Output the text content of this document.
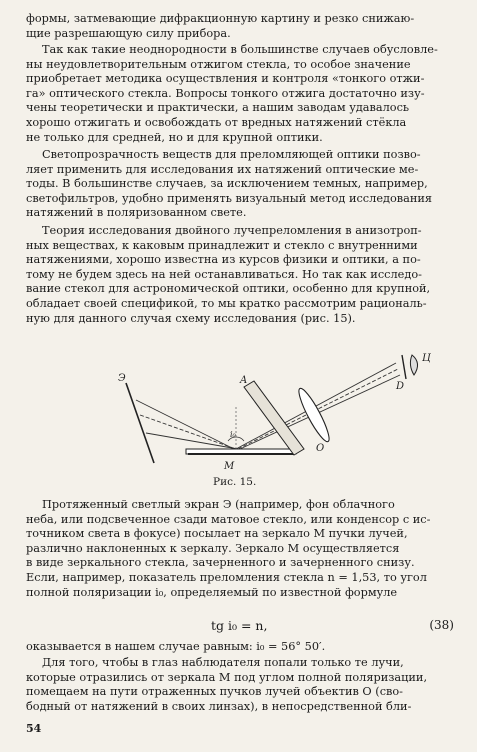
формы, затмевающие дифракционную картину и резко снижаю-
щие разрешающую силу прибора.

Так как такие неоднородности в большинстве случаев обусловле-
ны неудовлетворительным отжигом стекла, то особое значение
приобретает методика осуществления и контроля «тонкого отжи-
га» оптического стекла. Вопросы тонкого отжига достаточно изу-
чены теоретически и практически, а нашим заводам удавалось
хорошо отжигать и освобождать от вредных натяжений стёкла
не только для средней, но и для крупной оптики.

Светопрозрачность веществ для преломляющей оптики позво-
ляет применить для исследования их натяжений оптические ме-
тоды. В большинстве случаев, за исключением темных, например,
светофильтров, удобно применять визуальный метод исследования
натяжений в поляризованном свете.

Теория исследования двойного лучепреломления в анизотроп-
ных веществах, к каковым принадлежит и стекло с внутренними
натяжениями, хорошо известна из курсов физики и оптики, а по-
тому не будем здесь на ней останавливаться. Но так как исследо-
вание стекол для астрономической оптики, особенно для крупной,
обладает своей спецификой, то мы кратко рассмотрим рациональ-
ную для данного случая схему исследования (рис. 15).

Э
M
i₀
A
O
D
Ц
Рис. 15.

Протяженный светлый экран Э (например, фон облачного
неба, или подсвеченное сзади матовое стекло, или конденсор с ис-
точником света в фокусе) посылает на зеркало M пучки лучей,
различно наклоненных к зеркалу. Зеркало M осуществляется
в виде зеркального стекла, зачерненного и зачерненного снизу.
Если, например, показатель преломления стекла n = 1,53, то угол
полной поляризации i₀, определяемый по известной формуле

tg i₀ = n,	(38)

оказывается в нашем случае равным: i₀ = 56° 50′.

Для того, чтобы в глаз наблюдателя попали только те лучи,
которые отразились от зеркала M под углом полной поляризации,
помещаем на пути отраженных пучков лучей объектив O (сво-
бодный от натяжений в своих линзах), в непосредственной бли-

54
